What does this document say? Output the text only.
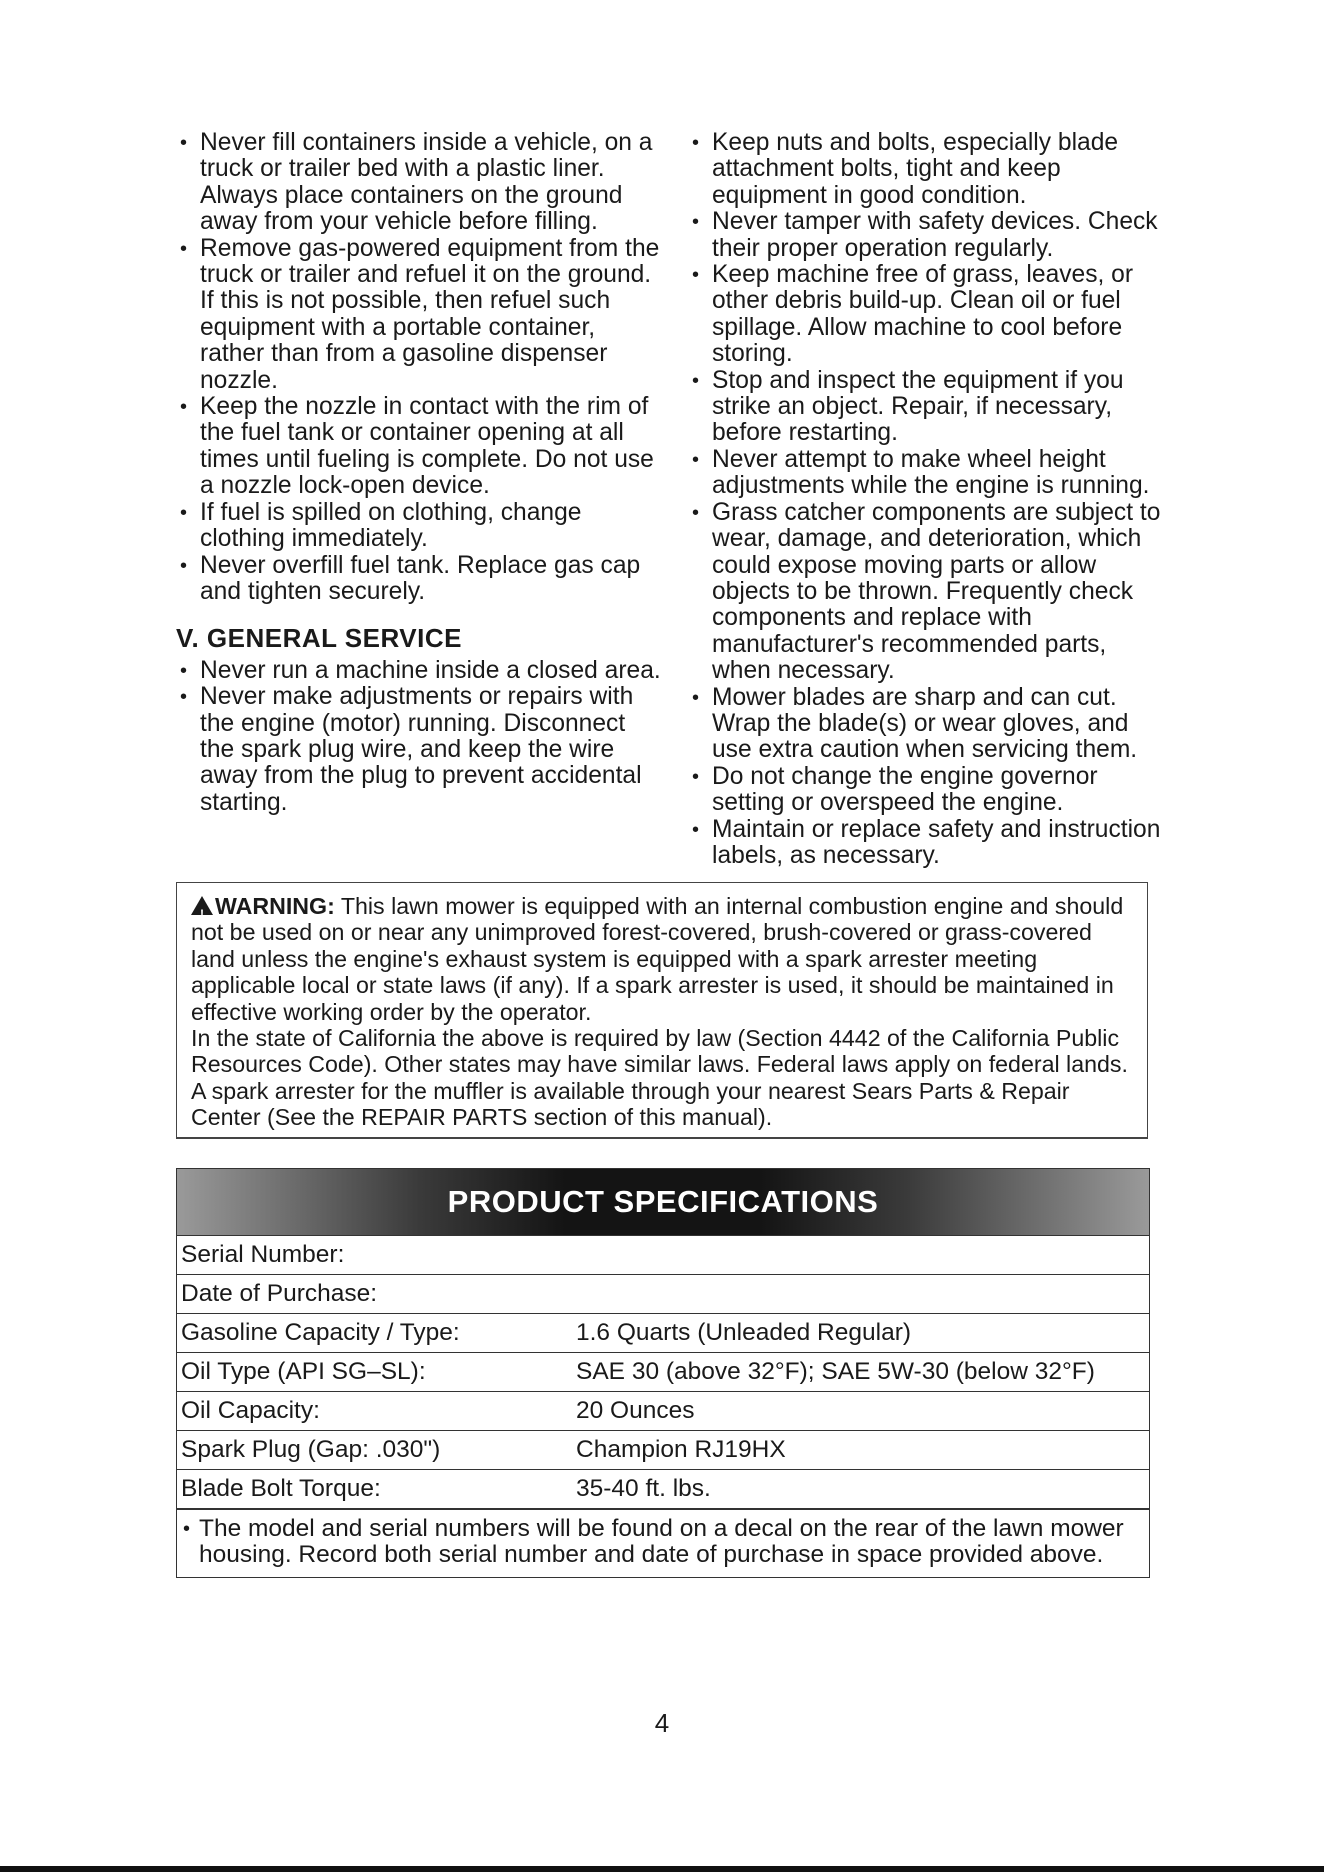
• Never fill containers inside a vehicle, on a truck or trailer bed with a plastic liner. Always place containers on the ground away from your vehicle before filling.
• Remove gas-powered equipment from the truck or trailer and refuel it on the ground. If this is not possible, then refuel such equipment with a portable container, rather than from a gasoline dispenser nozzle.
• Keep the nozzle in contact with the rim of the fuel tank or container opening at all times until fueling is complete. Do not use a nozzle lock-open device.
• If fuel is spilled on clothing, change clothing immediately.
• Never overfill fuel tank. Replace gas cap and tighten securely.
V. GENERAL SERVICE
• Never run a machine inside a closed area.
• Never make adjustments or repairs with the engine (motor) running. Disconnect the spark plug wire, and keep the wire away from the plug to prevent accidental starting.
• Keep nuts and bolts, especially blade attachment bolts, tight and keep equipment in good condition.
• Never tamper with safety devices. Check their proper operation regularly.
• Keep machine free of grass, leaves, or other debris build-up. Clean oil or fuel spillage. Allow machine to cool before storing.
• Stop and inspect the equipment if you strike an object. Repair, if necessary, before restarting.
• Never attempt to make wheel height adjustments while the engine is running.
• Grass catcher components are subject to wear, damage, and deterioration, which could expose moving parts or allow objects to be thrown. Frequently check components and replace with manufacturer's recommended parts, when necessary.
• Mower blades are sharp and can cut. Wrap the blade(s) or wear gloves, and use extra caution when servicing them.
• Do not change the engine governor setting or overspeed the engine.
• Maintain or replace safety and instruction labels, as necessary.
! WARNING: This lawn mower is equipped with an internal combustion engine and should not be used on or near any unimproved forest-covered, brush-covered or grass-covered land unless the engine's exhaust system is equipped with a spark arrester meeting applicable local or state laws (if any). If a spark arrester is used, it should be maintained in effective working order by the operator.
In the state of California the above is required by law (Section 4442 of the California Public Resources Code). Other states may have similar laws. Federal laws apply on federal lands. A spark arrester for the muffler is available through your nearest Sears Parts & Repair Center (See the REPAIR PARTS section of this manual).
PRODUCT SPECIFICATIONS
Serial Number:
Date of Purchase:
Gasoline Capacity / Type:	1.6 Quarts (Unleaded Regular)
Oil Type (API SG–SL):	SAE 30 (above 32°F); SAE 5W-30 (below 32°F)
Oil Capacity:	20 Ounces
Spark Plug (Gap: .030")	Champion RJ19HX
Blade Bolt Torque:	35-40 ft. lbs.
• The model and serial numbers will be found on a decal on the rear of the lawn mower housing. Record both serial number and date of purchase in space provided above.
4
